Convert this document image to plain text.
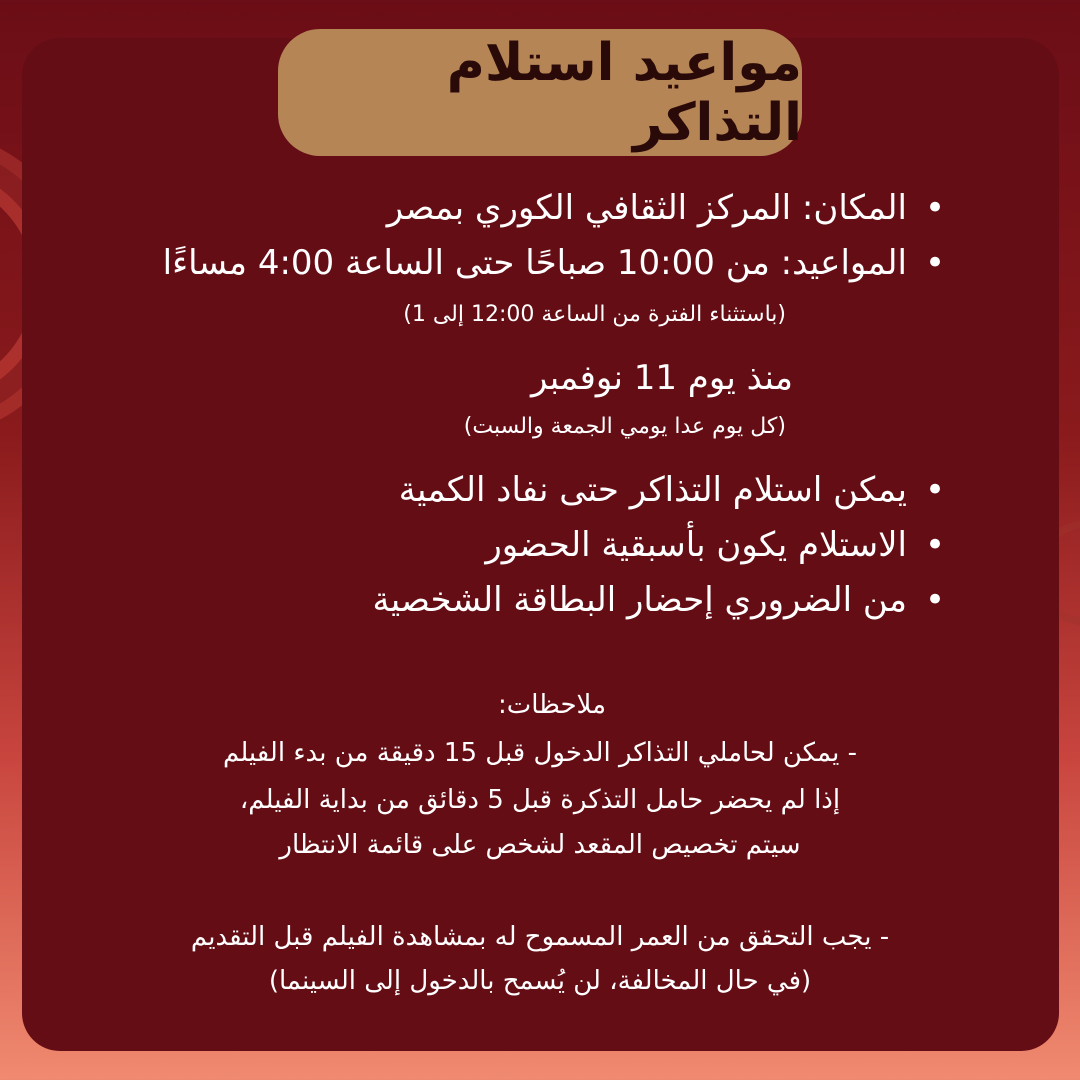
مواعيد استلام التذاكر
• المكان: المركز الثقافي الكوري بمصر
• المواعيد: من 10:00 صباحًا حتى الساعة 4:00 مساءًا
(باستثناء الفترة من الساعة 12:00 إلى 1)
منذ يوم 11 نوفمبر
(كل يوم عدا يومي الجمعة والسبت)
• يمكن استلام التذاكر حتى نفاد الكمية
• الاستلام يكون بأسبقية الحضور
• من الضروري إحضار البطاقة الشخصية
ملاحظات:
- يمكن لحاملي التذاكر الدخول قبل 15 دقيقة من بدء الفيلم
إذا لم يحضر حامل التذكرة قبل 5 دقائق من بداية الفيلم،
سيتم تخصيص المقعد لشخص على قائمة الانتظار
- يجب التحقق من العمر المسموح له بمشاهدة الفيلم قبل التقديم
(في حال المخالفة، لن يُسمح بالدخول إلى السينما)
